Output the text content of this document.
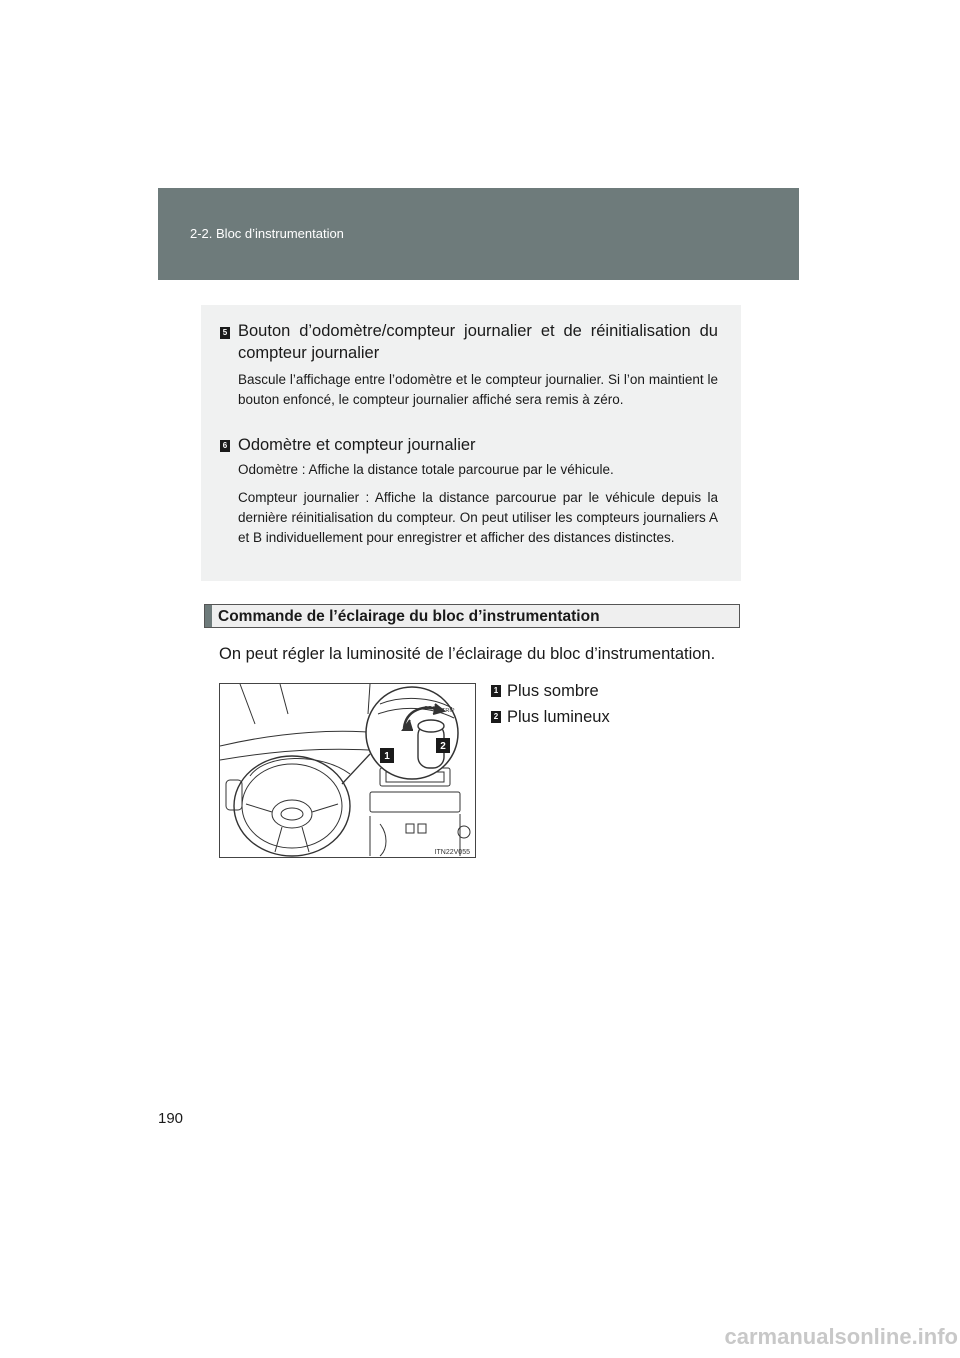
2-2. Bloc d’instrumentation
5 Bouton d’odomètre/compteur journalier et de réinitialisation du compteur journalier
Bascule l’affichage entre l’odomètre et le compteur journalier. Si l’on maintient le bouton enfoncé, le compteur journalier affiché sera remis à zéro.
6 Odomètre et compteur journalier
Odomètre : Affiche la distance totale parcourue par le véhicule.
Compteur journalier : Affiche la distance parcourue par le véhicule depuis la dernière réinitialisation du compteur. On peut utiliser les compteurs journaliers A et B individuellement pour enregistrer et afficher des distances distinctes.
Commande de l’éclairage du bloc d’instrumentation
On peut régler la luminosité de l’éclairage du bloc d’instrumentation.
ODO TRIP
1
2
ITN22V055
1 Plus sombre
2 Plus lumineux
190
carmanualsonline.info
